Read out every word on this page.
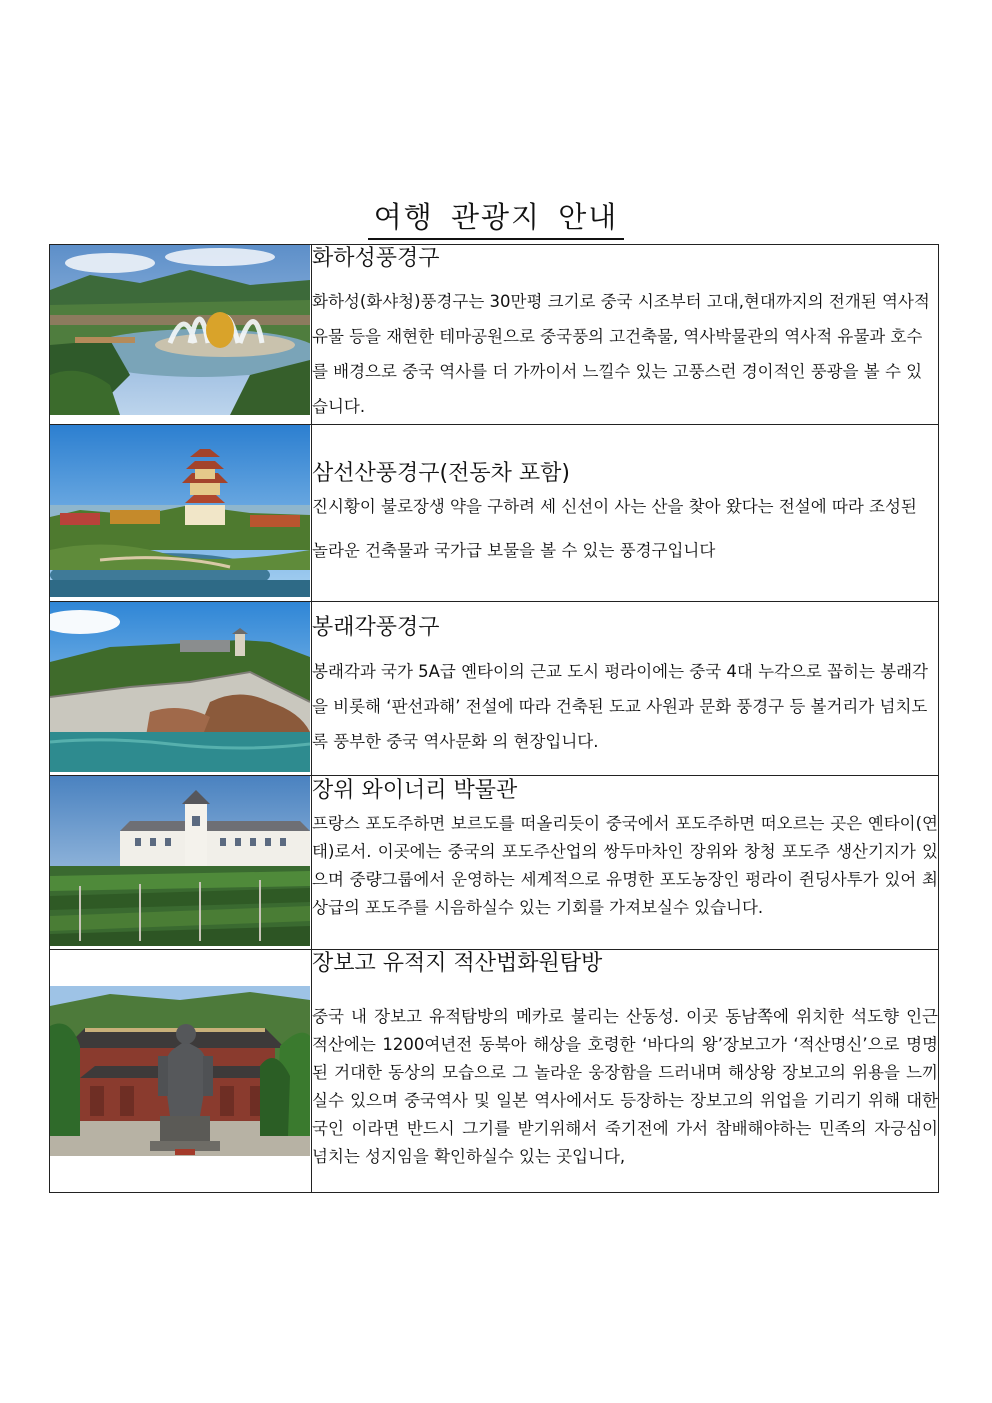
여행 관광지 안내

화하성풍경구

화하성(화샤청)풍경구는 30만평 크기로 중국 시조부터 고대,현대까지의 전개된 역사적 유물 등을 재현한 테마공원으로 중국풍의 고건축물, 역사박물관의 역사적 유물과 호수를 배경으로 중국 역사를 더 가까이서 느낄수 있는 고풍스런 경이적인 풍광을 볼 수 있습니다.

삼선산풍경구(전동차 포함)

진시황이 불로장생 약을 구하려 세 신선이 사는 산을 찾아 왔다는 전설에 따라 조성된 놀라운 건축물과 국가급 보물을 볼 수 있는 풍경구입니다

봉래각풍경구

봉래각과 국가 5A급 옌타이의 근교 도시 펑라이에는 중국 4대 누각으로 꼽히는 봉래각을 비롯해 ‘판선과해’ 전설에 따라 건축된 도교 사원과 문화 풍경구 등 볼거리가 넘치도록 풍부한 중국 역사문화 의 현장입니다.

장위 와이너리 박물관

프랑스 포도주하면 보르도를 떠올리듯이 중국에서 포도주하면 떠오르는 곳은 옌타이(연태)로서. 이곳에는 중국의 포도주산업의 쌍두마차인 장위와 창청 포도주 생산기지가 있으며 중량그룹에서 운영하는 세계적으로 유명한 포도농장인 펑라이 쥔딩사투가 있어 최상급의 포도주를 시음하실수 있는 기회를 가져보실수 있습니다.

장보고 유적지 적산법화원탐방

중국 내 장보고 유적탐방의 메카로 불리는 산동성. 이곳 동남쪽에 위치한 석도향 인근 적산에는 1200여년전 동북아 해상을 호령한 ‘바다의 왕’장보고가 ‘적산명신’으로 명명된 거대한 동상의 모습으로 그 놀라운 웅장함을 드러내며 해상왕 장보고의 위용을 느끼실수 있으며 중국역사 및 일본 역사에서도 등장하는 장보고의 위업을 기리기 위해 대한국인 이라면 반드시 그기를 받기위해서 죽기전에 가서 참배해야하는 민족의 자긍심이 넘치는 성지임을 확인하실수 있는 곳입니다,
